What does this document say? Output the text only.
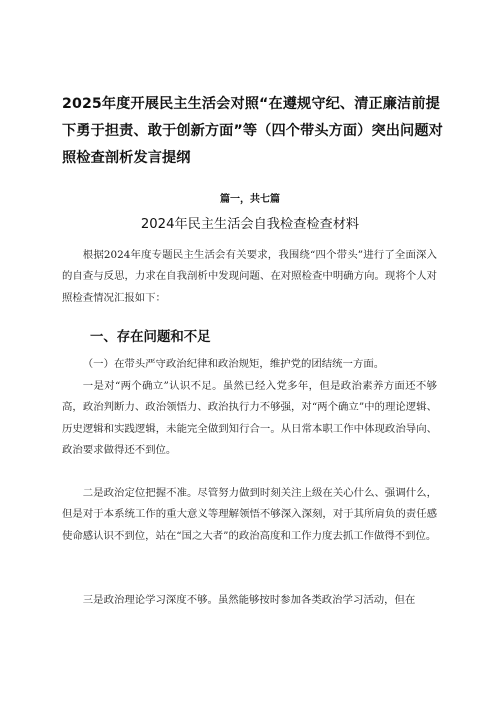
2025年度开展民主生活会对照“在遵规守纪、清正廉洁前提下勇于担责、敢于创新方面”等（四个带头方面）突出问题对照检查剖析发言提纲
篇一，共七篇
2024年民主生活会自我检查检查材料

根据2024年度专题民主生活会有关要求，我围绕“四个带头”进行了全面深入的自查与反思，力求在自我剖析中发现问题、在对照检查中明确方向。现将个人对照检查情况汇报如下：

一、存在问题和不足

（一）在带头严守政治纪律和政治规矩，维护党的团结统一方面。

一是对“两个确立”认识不足。虽然已经入党多年，但是政治素养方面还不够高，政治判断力、政治领悟力、政治执行力不够强，对“两个确立”中的理论逻辑、历史逻辑和实践逻辑，未能完全做到知行合一。从日常本职工作中体现政治导向、政治要求做得还不到位。

二是政治定位把握不准。尽管努力做到时刻关注上级在关心什么、强调什么，但是对于本系统工作的重大意义等理解领悟不够深入深刻，对于其所肩负的责任感使命感认识不到位，站在“国之大者”的政治高度和工作力度去抓工作做得不到位。

三是政治理论学习深度不够。虽然能够按时参加各类政治学习活动，但在
